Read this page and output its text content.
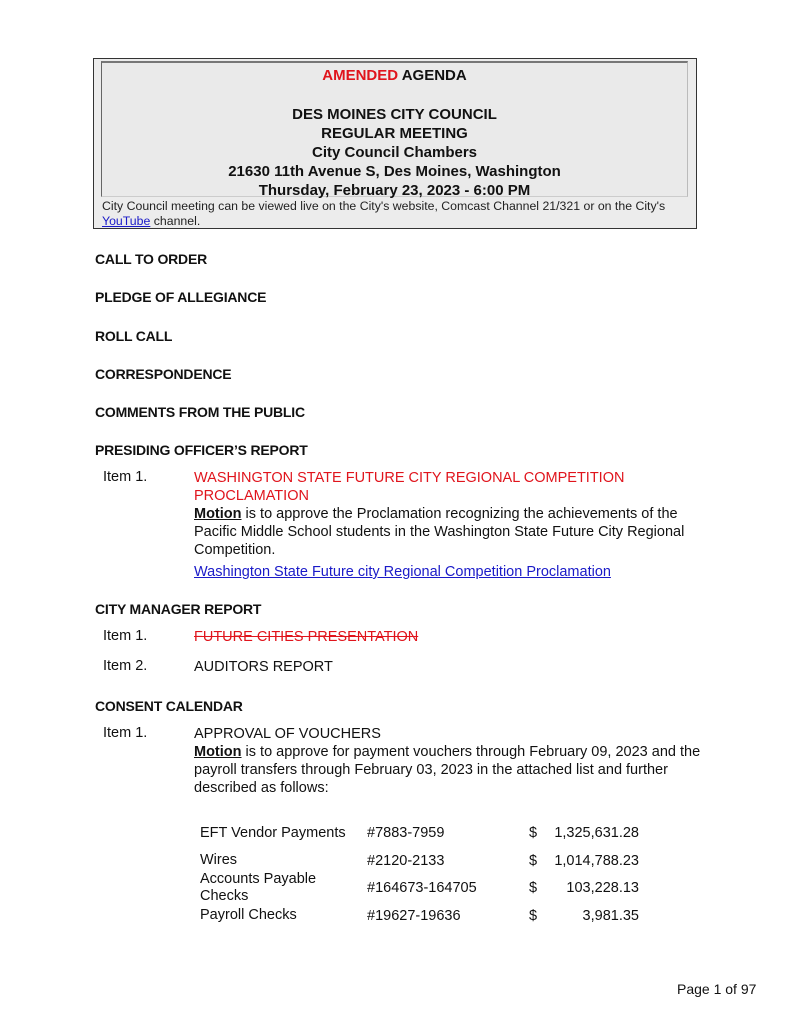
AMENDED AGENDA
DES MOINES CITY COUNCIL
REGULAR MEETING
City Council Chambers
21630 11th Avenue S, Des Moines, Washington
Thursday, February 23, 2023 - 6:00 PM
City Council meeting can be viewed live on the City's website, Comcast Channel 21/321 or on the City's YouTube channel.
CALL TO ORDER
PLEDGE OF ALLEGIANCE
ROLL CALL
CORRESPONDENCE
COMMENTS FROM THE PUBLIC
PRESIDING OFFICER’S REPORT
Item 1.	WASHINGTON STATE FUTURE CITY REGIONAL COMPETITION
PROCLAMATION
Motion is to approve the Proclamation recognizing the achievements of the Pacific Middle School students in the Washington State Future City Regional Competition.
Washington State Future city Regional Competition Proclamation
CITY MANAGER REPORT
Item 1.	FUTURE CITIES PRESENTATION
Item 2.	AUDITORS REPORT
CONSENT CALENDAR
Item 1.	APPROVAL OF VOUCHERS
Motion is to approve for payment vouchers through February 09, 2023 and the payroll transfers through February 03, 2023 in the attached list and further described as follows:
EFT Vendor Payments	#7883-7959	$ 1,325,631.28
Wires	#2120-2133	$ 1,014,788.23
Accounts Payable Checks	#164673-164705	$ 103,228.13
Payroll Checks	#19627-19636	$	3,981.35
Page 1 of 97
